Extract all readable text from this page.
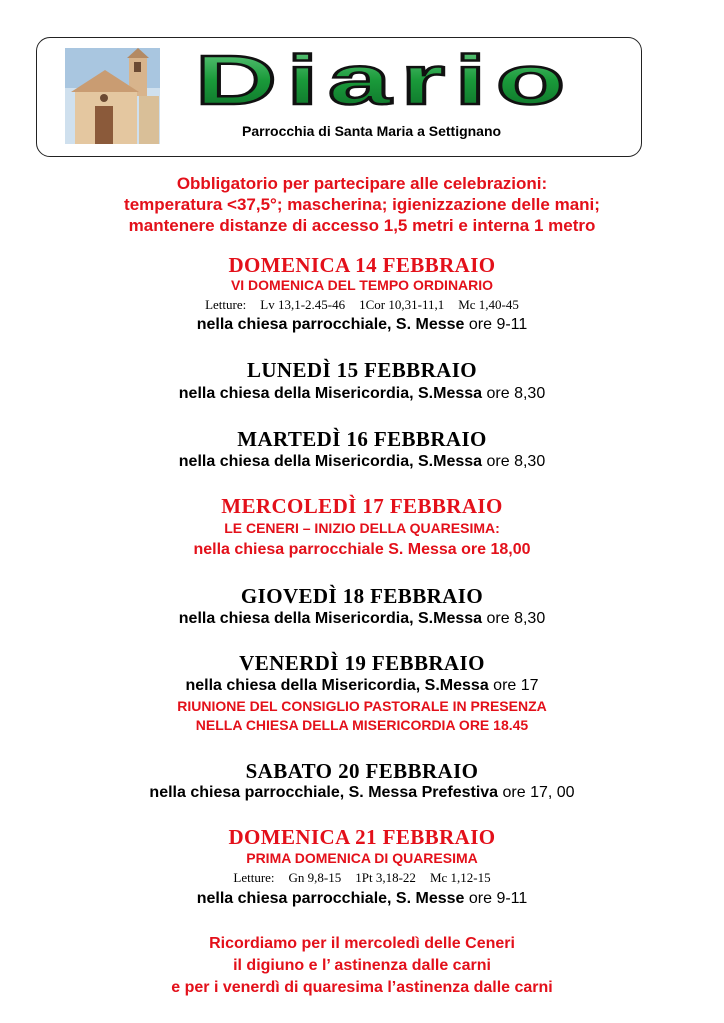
Diario
Parrocchia di Santa Maria a Settignano
Obbligatorio per partecipare alle celebrazioni:
temperatura <37,5°; mascherina; igienizzazione delle mani;
mantenere distanze di accesso 1,5 metri e interna 1 metro
DOMENICA 14 FEBBRAIO
VI DOMENICA DEL TEMPO ORDINARIO
Letture: Lv 13,1-2.45-46 1Cor 10,31-11,1 Mc 1,40-45
nella chiesa parrocchiale, S. Messe ore 9-11
LUNEDÌ 15 FEBBRAIO
nella chiesa della Misericordia, S.Messa ore 8,30
MARTEDÌ 16 FEBBRAIO
nella chiesa della Misericordia, S.Messa ore 8,30
MERCOLEDÌ 17 FEBBRAIO
LE CENERI – INIZIO DELLA QUARESIMA:
nella chiesa parrocchiale S. Messa ore 18,00
GIOVEDÌ 18 FEBBRAIO
nella chiesa della Misericordia, S.Messa ore 8,30
VENERDÌ 19 FEBBRAIO
nella chiesa della Misericordia, S.Messa ore 17
RIUNIONE DEL CONSIGLIO PASTORALE IN PRESENZA
NELLA CHIESA DELLA MISERICORDIA ORE 18.45
SABATO 20 FEBBRAIO
nella chiesa parrocchiale, S. Messa Prefestiva ore 17, 00
DOMENICA 21 FEBBRAIO
PRIMA DOMENICA DI QUARESIMA
Letture: Gn 9,8-15 1Pt 3,18-22 Mc 1,12-15
nella chiesa parrocchiale, S. Messe ore 9-11
Ricordiamo per il mercoledì delle Ceneri
il digiuno e l’ astinenza dalle carni
e per i venerdì di quaresima l’astinenza dalle carni
